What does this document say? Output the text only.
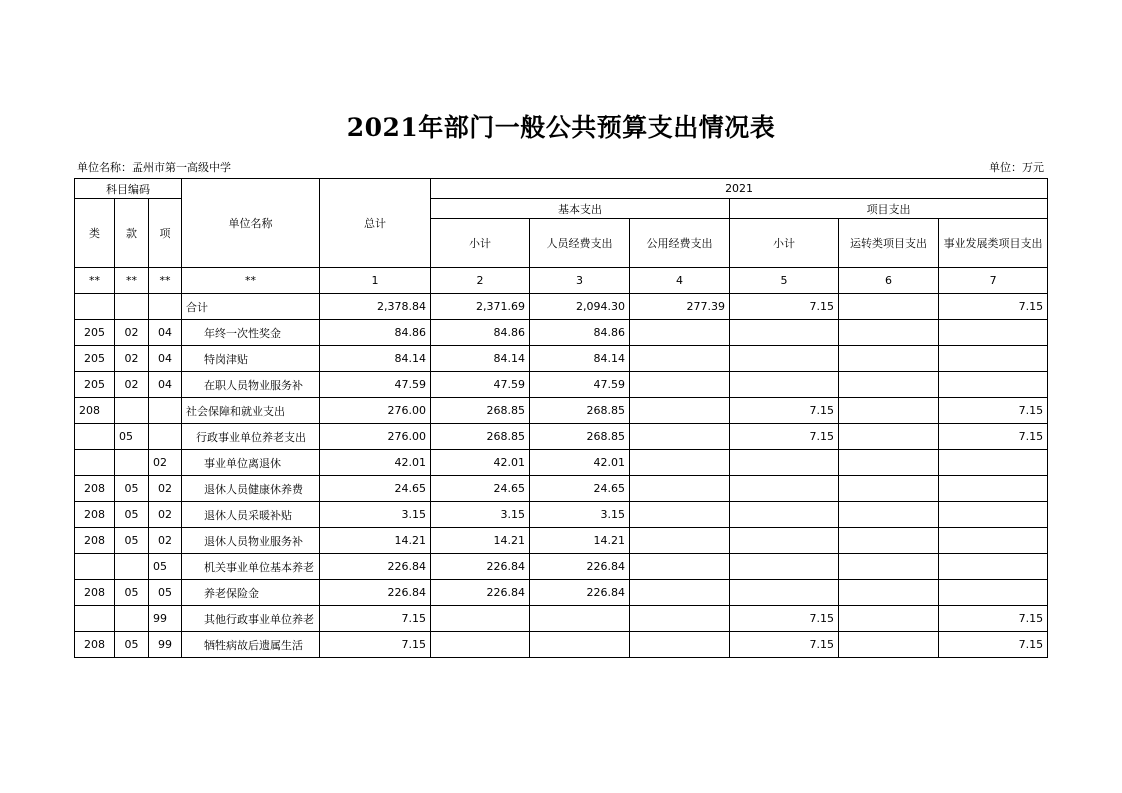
2021年部门一般公共预算支出情况表
单位名称：孟州市第一高级中学	单位：万元
科目编码			单位名称	总计	2021					
类	款	项			基本支出			项目支出		
					小计	人员经费支出	公用经费支出	小计	运转类项目支出	事业发展类项目支出
**	**	**	**	1	2	3	4	5	6	7
			合计	2,378.84	2,371.69	2,094.30	277.39	7.15		7.15
205	02	04	年终一次性奖金	84.86	84.86	84.86				
205	02	04	特岗津贴	84.14	84.14	84.14				
205	02	04	在职人员物业服务补	47.59	47.59	47.59				
208			社会保障和就业支出	276.00	268.85	268.85		7.15		7.15
	05		行政事业单位养老支出	276.00	268.85	268.85		7.15		7.15
		02	事业单位离退休	42.01	42.01	42.01				
208	05	02	退休人员健康休养费	24.65	24.65	24.65				
208	05	02	退休人员采暖补贴	3.15	3.15	3.15				
208	05	02	退休人员物业服务补	14.21	14.21	14.21				
		05	机关事业单位基本养老	226.84	226.84	226.84				
208	05	05	养老保险金	226.84	226.84	226.84				
		99	其他行政事业单位养老	7.15				7.15		7.15
208	05	99	牺牲病故后遗属生活	7.15				7.15		7.15
